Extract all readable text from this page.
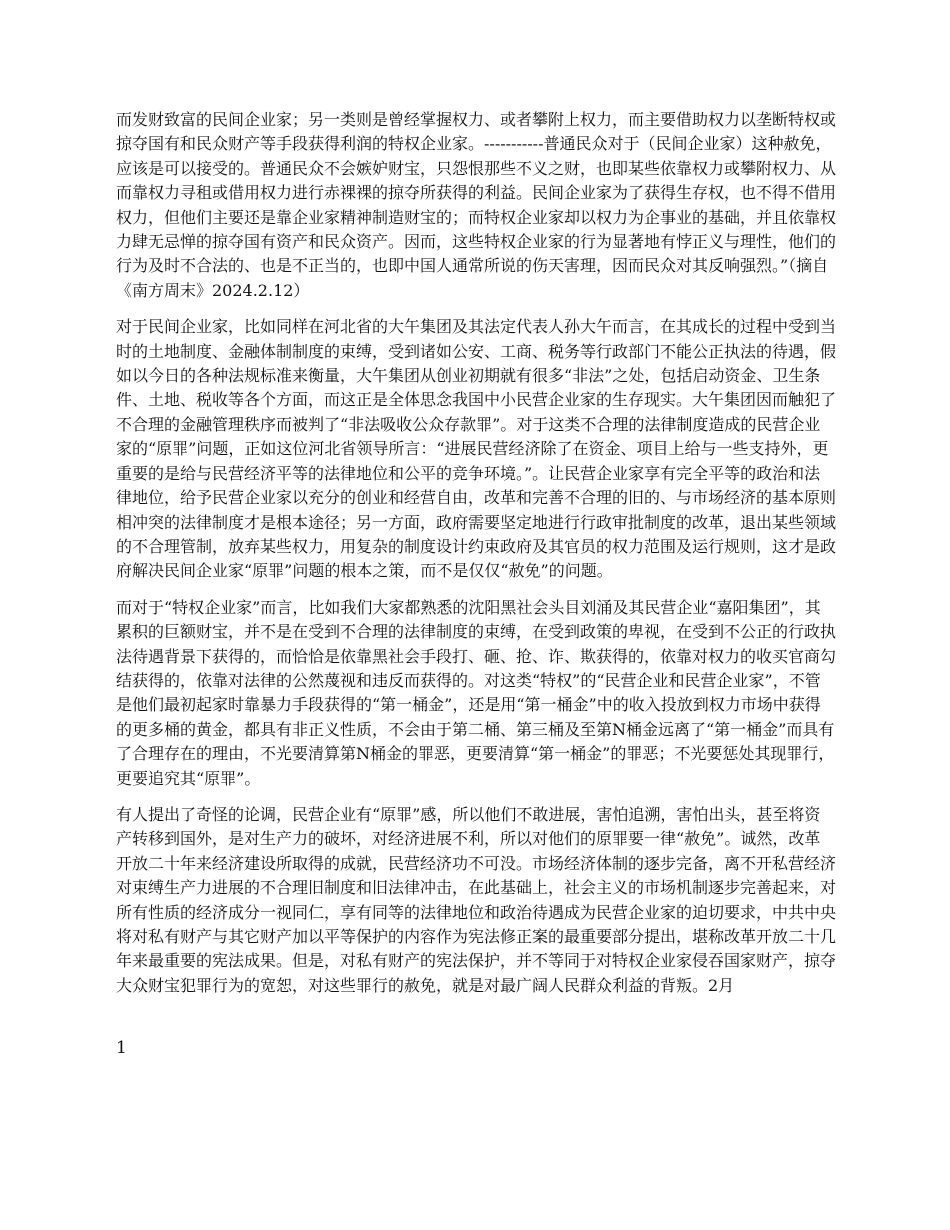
而发财致富的民间企业家；另一类则是曾经掌握权力、或者攀附上权力，而主要借助权力以垄断特权或掠夺国有和民众财产等手段获得利润的特权企业家。-----------普通民众对于（民间企业家）这种赦免，应该是可以接受的。普通民众不会嫉妒财宝，只怨恨那些不义之财，也即某些依靠权力或攀附权力、从而靠权力寻租或借用权力进行赤裸裸的掠夺所获得的利益。民间企业家为了获得生存权，也不得不借用权力，但他们主要还是靠企业家精神制造财宝的；而特权企业家却以权力为企事业的基础，并且依靠权力肆无忌惮的掠夺国有资产和民众资产。因而，这些特权企业家的行为显著地有悖正义与理性，他们的行为及时不合法的、也是不正当的，也即中国人通常所说的伤天害理，因而民众对其反响强烈。”（摘自《南方周末》2024.2.12）

对于民间企业家，比如同样在河北省的大午集团及其法定代表人孙大午而言，在其成长的过程中受到当时的土地制度、金融体制制度的束缚，受到诸如公安、工商、税务等行政部门不能公正执法的待遇，假如以今日的各种法规标准来衡量，大午集团从创业初期就有很多“非法”之处，包括启动资金、卫生条件、土地、税收等各个方面，而这正是全体思念我国中小民营企业家的生存现实。大午集团因而触犯了不合理的金融管理秩序而被判了“非法吸收公众存款罪”。对于这类不合理的法律制度造成的民营企业家的“原罪”问题，正如这位河北省领导所言：“进展民营经济除了在资金、项目上给与一些支持外，更重要的是给与民营经济平等的法律地位和公平的竞争环境。”。让民营企业家享有完全平等的政治和法律地位，给予民营企业家以充分的创业和经营自由，改革和完善不合理的旧的、与市场经济的基本原则相冲突的法律制度才是根本途径；另一方面，政府需要坚定地进行行政审批制度的改革，退出某些领域的不合理管制，放弃某些权力，用复杂的制度设计约束政府及其官员的权力范围及运行规则，这才是政府解决民间企业家“原罪”问题的根本之策，而不是仅仅“赦免”的问题。

而对于“特权企业家”而言，比如我们大家都熟悉的沈阳黑社会头目刘涌及其民营企业“嘉阳集团”，其累积的巨额财宝，并不是在受到不合理的法律制度的束缚，在受到政策的卑视，在受到不公正的行政执法待遇背景下获得的，而恰恰是依靠黑社会手段打、砸、抢、诈、欺获得的，依靠对权力的收买官商勾结获得的，依靠对法律的公然蔑视和违反而获得的。对这类“特权”的“民营企业和民营企业家”，不管是他们最初起家时靠暴力手段获得的“第一桶金”，还是用“第一桶金”中的收入投放到权力市场中获得的更多桶的黄金，都具有非正义性质，不会由于第二桶、第三桶及至第N桶金远离了“第一桶金”而具有了合理存在的理由，不光要清算第N桶金的罪恶，更要清算“第一桶金”的罪恶；不光要惩处其现罪行，更要追究其“原罪”。

有人提出了奇怪的论调，民营企业有“原罪”感，所以他们不敢进展，害怕追溯，害怕出头，甚至将资产转移到国外，是对生产力的破坏，对经济进展不利，所以对他们的原罪要一律“赦免”。诚然，改革开放二十年来经济建设所取得的成就，民营经济功不可没。市场经济体制的逐步完备，离不开私营经济对束缚生产力进展的不合理旧制度和旧法律冲击，在此基础上，社会主义的市场机制逐步完善起来，对所有性质的经济成分一视同仁，享有同等的法律地位和政治待遇成为民营企业家的迫切要求，中共中央将对私有财产与其它财产加以平等保护的内容作为宪法修正案的最重要部分提出，堪称改革开放二十几年来最重要的宪法成果。但是，对私有财产的宪法保护，并不等同于对特权企业家侵吞国家财产，掠夺大众财宝犯罪行为的宽恕，对这些罪行的赦免，就是对最广阔人民群众利益的背叛。2月

1
